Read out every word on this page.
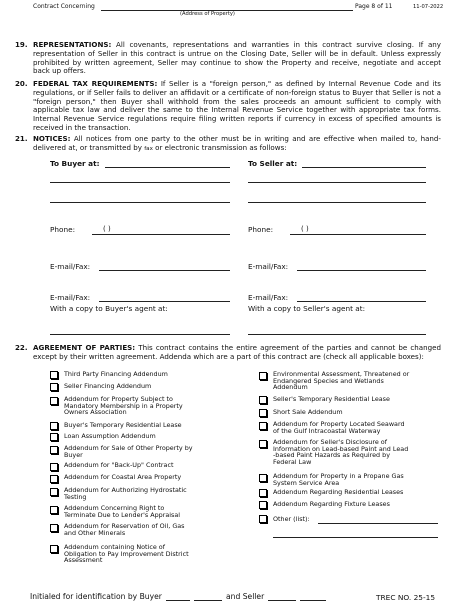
Contract Concerning
(Address of Property)
Page 8 of 11	11-07-2022
19. REPRESENTATIONS: All covenants, representations and warranties in this contract survive closing. If any representation of Seller in this contract is untrue on the Closing Date, Seller will be in default. Unless expressly prohibited by written agreement, Seller may continue to show the Property and receive, negotiate and accept back up offers.
20. FEDERAL TAX REQUIREMENTS: If Seller is a "foreign person," as defined by Internal Revenue Code and its regulations, or if Seller fails to deliver an affidavit or a certificate of non-foreign status to Buyer that Seller is not a "foreign person," then Buyer shall withhold from the sales proceeds an amount sufficient to comply with applicable tax law and deliver the same to the Internal Revenue Service together with appropriate tax forms. Internal Revenue Service regulations require filing written reports if currency in excess of specified amounts is received in the transaction.
21. NOTICES: All notices from one party to the other must be in writing and are effective when mailed to, hand-delivered at, or transmitted by fax or electronic transmission as follows:
To Buyer at:
Phone:	( )
E-mail/Fax:
E-mail/Fax:
With a copy to Buyer's agent at:
To Seller at:
Phone:	( )
E-mail/Fax:
E-mail/Fax:
With a copy to Seller's agent at:
22. AGREEMENT OF PARTIES: This contract contains the entire agreement of the parties and cannot be changed except by their written agreement. Addenda which are a part of this contract are (check all applicable boxes):
Third Party Financing Addendum
Seller Financing Addendum
Addendum for Property Subject to
Mandatory Membership in a Property
Owners Association
Buyer's Temporary Residential Lease
Loan Assumption Addendum
Addendum for Sale of Other Property by
Buyer
Addendum for "Back-Up" Contract
Addendum for Coastal Area Property
Addendum for Authorizing Hydrostatic
Testing
Addendum Concerning Right to
Terminate Due to Lender's Appraisal
Addendum for Reservation of Oil, Gas
and Other Minerals
Addendum containing Notice of
Obligation to Pay Improvement District
Assessment
Environmental Assessment, Threatened or
Endangered Species and Wetlands
Addendum
Seller's Temporary Residential Lease
Short Sale Addendum
Addendum for Property Located Seaward
of the Gulf Intracoastal Waterway
Addendum for Seller's Disclosure of
Information on Lead-based Paint and Lead
-based Paint Hazards as Required by
Federal Law
Addendum for Property in a Propane Gas
System Service Area
Addendum Regarding Residential Leases
Addendum Regarding Fixture Leases
Other (list):
Initialed for identification by Buyer	and Seller	TREC NO. 25-15
